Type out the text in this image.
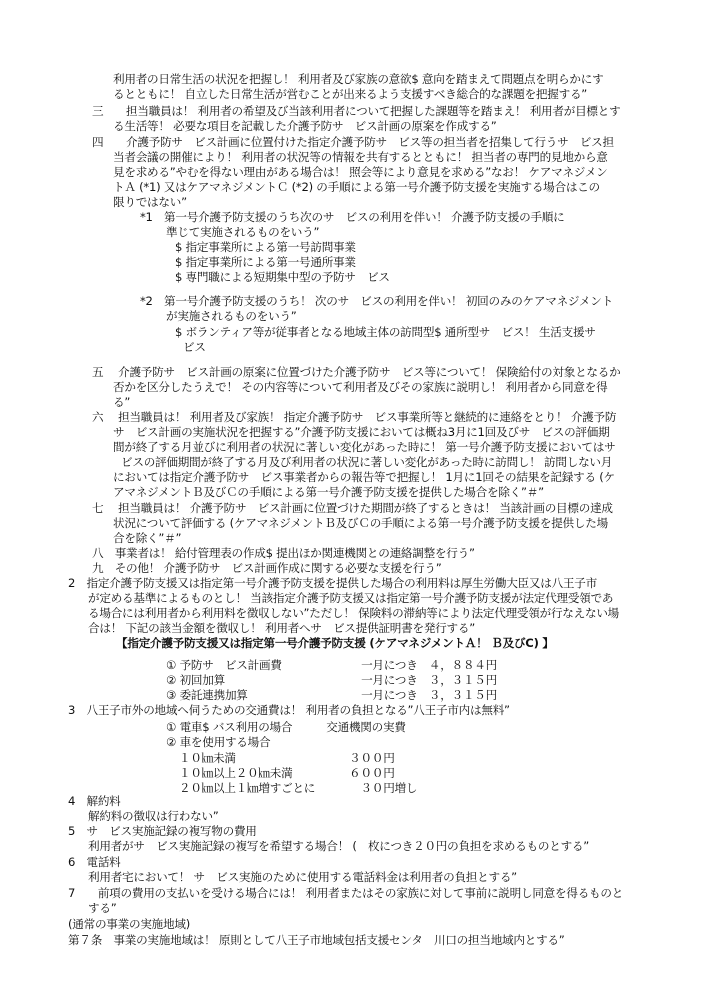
利用者の日常生活の状況を把握し！ 利用者及び家族の意欲$ 意向を踏まえて問題点を明らかにす
るとともに！ 自立した日常生活が営むことが出来るよう支援すべき総合的な課題を把握する”
三　　担当職員は！ 利用者の希望及び当該利用者について把握した課題等を踏まえ！ 利用者が目標とす
る生活等！ 必要な項目を記載した介護予防サ　ビス計画の原案を作成する”
四　　介護予防サ　ビス計画に位置付けた指定介護予防サ　ビス等の担当者を招集して行うサ　ビス担
当者会議の開催により！ 利用者の状況等の情報を共有するとともに！ 担当者の専門的見地から意
見を求める”やむを得ない理由がある場合は！ 照会等により意見を求める”なお！ ケアマネジメン
トＡ (*1) 又はケアマネジメントＣ (*2) の手順による第一号介護予防支援を実施する場合はこの
限りではない”
*1　第一号介護予防支援のうち次のサ　ビスの利用を伴い！ 介護予防支援の手順に
準じて実施されるものをいう”
$ 指定事業所による第一号訪問事業
$ 指定事業所による第一号通所事業
$ 専門職による短期集中型の予防サ　ビス
*2　第一号介護予防支援のうち！ 次のサ　ビスの利用を伴い！ 初回のみのケアマネジメント
が実施されるものをいう”
$ ボランティア等が従事者となる地域主体の訪問型$ 通所型サ　ビス！ 生活支援サ
ビス
五　 介護予防サ　ビス計画の原案に位置づけた介護予防サ　ビス等について！ 保険給付の対象となるか
否かを区分したうえで！ その内容等について利用者及びその家族に説明し！ 利用者から同意を得
る”
六　 担当職員は！ 利用者及び家族！ 指定介護予防サ　ビス事業所等と継続的に連絡をとり！ 介護予防
サ　ビス計画の実施状況を把握する”介護予防支援においては概ね3月に1回及びサ　ビスの評価期
間が終了する月並びに利用者の状況に著しい変化があった時に！ 第一号介護予防支援においてはサ
ビスの評価期間が終了する月及び利用者の状況に著しい変化があった時に訪問し！ 訪問しない月
においては指定介護予防サ　ビス事業者からの報告等で把握し！ 1月に1回その結果を記録する (ケ
アマネジメントＢ及びＣの手順による第一号介護予防支援を提供した場合を除く”＃”
七　 担当職員は！ 介護予防サ　ビス計画に位置づけた期間が終了するときは！ 当該計画の目標の達成
状況について評価する (ケアマネジメントＢ及びＣの手順による第一号介護予防支援を提供した場
合を除く”＃”
八　事業者は！ 給付管理表の作成$ 提出ほか関連機関との連絡調整を行う”
九　その他！ 介護予防サ　ビス計画作成に関する必要な支援を行う”
2　指定介護予防支援又は指定第一号介護予防支援を提供した場合の利用料は厚生労働大臣又は八王子市
が定める基準によるものとし！ 当該指定介護予防支援又は指定第一号介護予防支援が法定代理受領であ
る場合には利用者から利用料を徴収しない”ただし！ 保険料の滞納等により法定代理受領が行なえない場
合は！ 下記の該当金額を徴収し！ 利用者へサ　ビス提供証明書を発行する”
【指定介護予防支援又は指定第一号介護予防支援 (ケアマネジメントＡ！ Ｂ及びC) 】
① 予防サ　ビス計画費　　　　　　　一月につき　４，８８４円
② 初回加算　　　　　　　　　　　　一月につき　３，３１５円
③ 委託連携加算　　　　　　　　　　一月につき　３，３１５円
3　八王子市外の地域へ伺うための交通費は！ 利用者の負担となる”八王子市内は無料”
① 電車$ バス利用の場合　　　交通機関の実費
② 車を使用する場合
１０㎞未満　　　　　　　　　　３００円
１０㎞以上２０㎞未満　　　　　６００円
２０㎞以上１㎞増すごとに　　　　３０円増し
4　解約料
解約料の徴収は行わない”
5　サ　ビス実施記録の複写物の費用
利用者がサ　ビス実施記録の複写を希望する場合！ (　枚につき２０円の負担を求めるものとする”
6　電話料
利用者宅において！ サ　ビス実施のために使用する電話料金は利用者の負担とする”
7　　前項の費用の支払いを受ける場合には！ 利用者またはその家族に対して事前に説明し同意を得るものと
する”
(通常の事業の実施地域)
第７条　事業の実施地域は！ 原則として八王子市地域包括支援センタ　川口の担当地域内とする”
